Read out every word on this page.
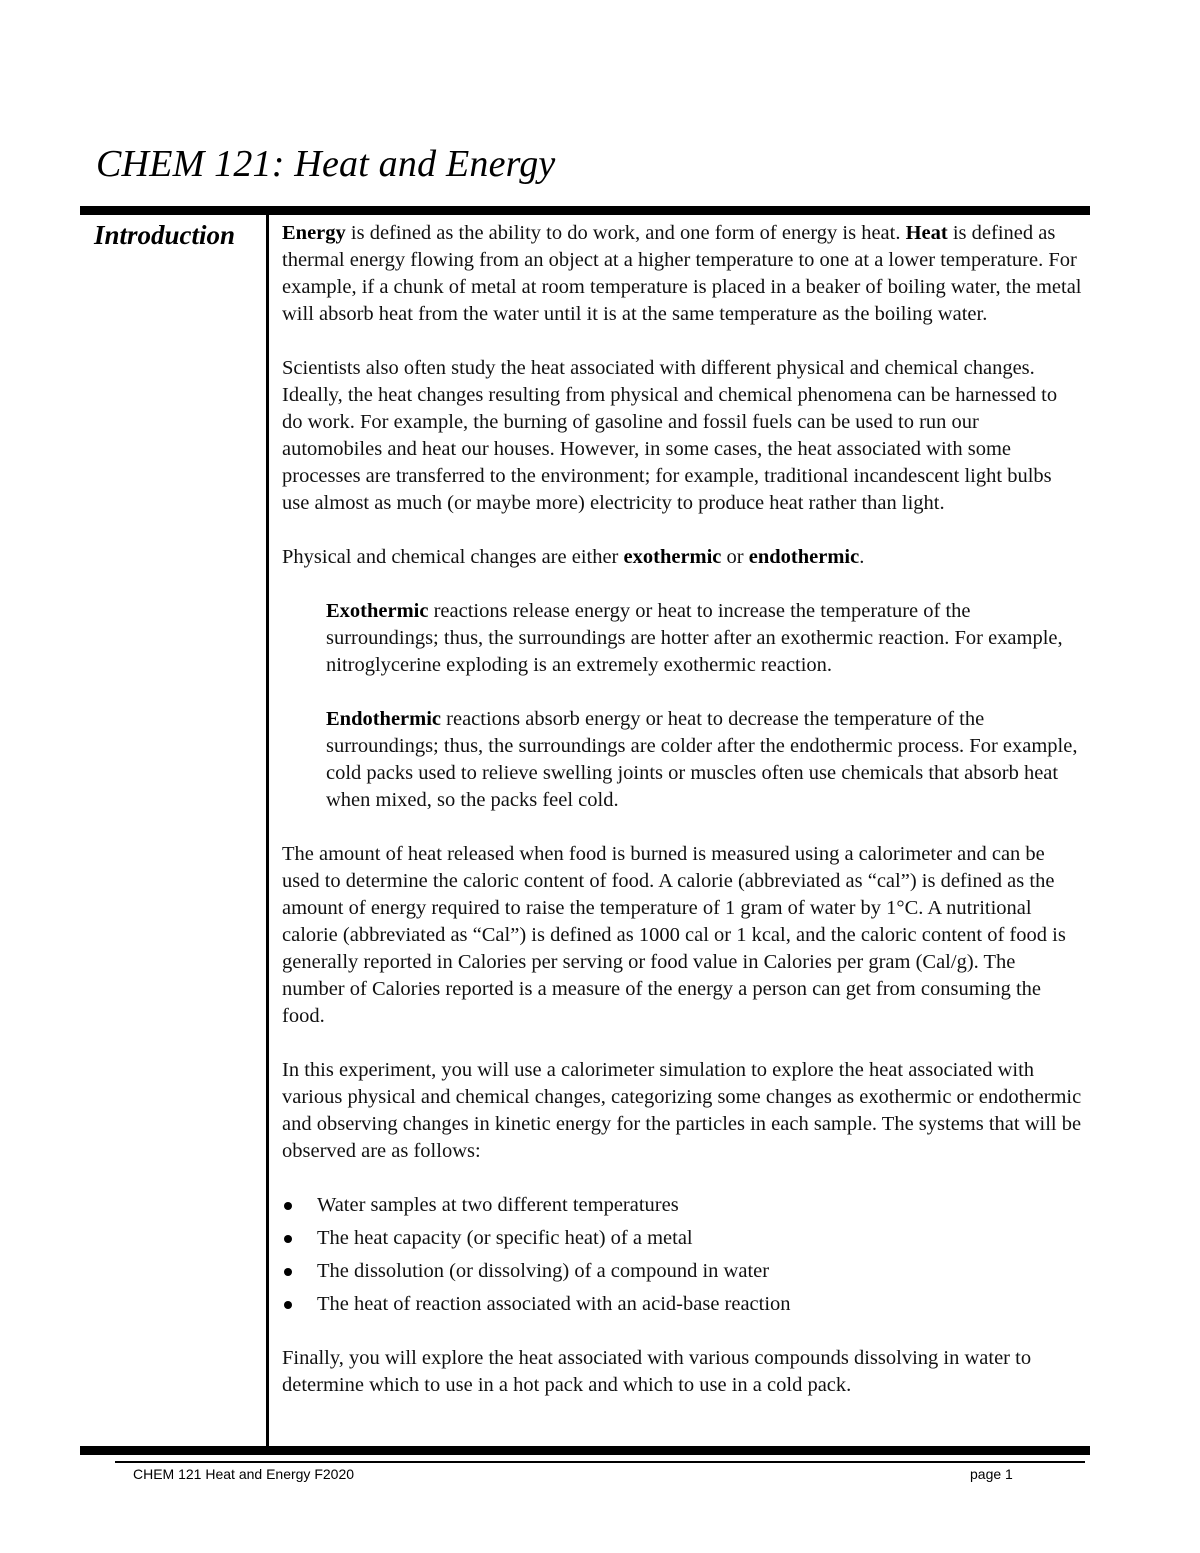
CHEM 121: Heat and Energy
Introduction Energy is defined as the ability to do work, and one form of energy is heat. Heat is defined as thermal energy flowing from an object at a higher temperature to one at a lower temperature. For example, if a chunk of metal at room temperature is placed in a beaker of boiling water, the metal will absorb heat from the water until it is at the same temperature as the boiling water.

Scientists also often study the heat associated with different physical and chemical changes. Ideally, the heat changes resulting from physical and chemical phenomena can be harnessed to do work. For example, the burning of gasoline and fossil fuels can be used to run our automobiles and heat our houses. However, in some cases, the heat associated with some processes are transferred to the environment; for example, traditional incandescent light bulbs use almost as much (or maybe more) electricity to produce heat rather than light.

Physical and chemical changes are either exothermic or endothermic.

Exothermic reactions release energy or heat to increase the temperature of the surroundings; thus, the surroundings are hotter after an exothermic reaction. For example, nitroglycerine exploding is an extremely exothermic reaction.

Endothermic reactions absorb energy or heat to decrease the temperature of the surroundings; thus, the surroundings are colder after the endothermic process. For example, cold packs used to relieve swelling joints or muscles often use chemicals that absorb heat when mixed, so the packs feel cold.

The amount of heat released when food is burned is measured using a calorimeter and can be used to determine the caloric content of food. A calorie (abbreviated as “cal”) is defined as the amount of energy required to raise the temperature of 1 gram of water by 1°C. A nutritional calorie (abbreviated as “Cal”) is defined as 1000 cal or 1 kcal, and the caloric content of food is generally reported in Calories per serving or food value in Calories per gram (Cal/g). The number of Calories reported is a measure of the energy a person can get from consuming the food.

In this experiment, you will use a calorimeter simulation to explore the heat associated with various physical and chemical changes, categorizing some changes as exothermic or endothermic and observing changes in kinetic energy for the particles in each sample. The systems that will be observed are as follows:

Water samples at two different temperatures
The heat capacity (or specific heat) of a metal
The dissolution (or dissolving) of a compound in water
The heat of reaction associated with an acid-base reaction

Finally, you will explore the heat associated with various compounds dissolving in water to determine which to use in a hot pack and which to use in a cold pack.

CHEM 121 Heat and Energy F2020	page 1
